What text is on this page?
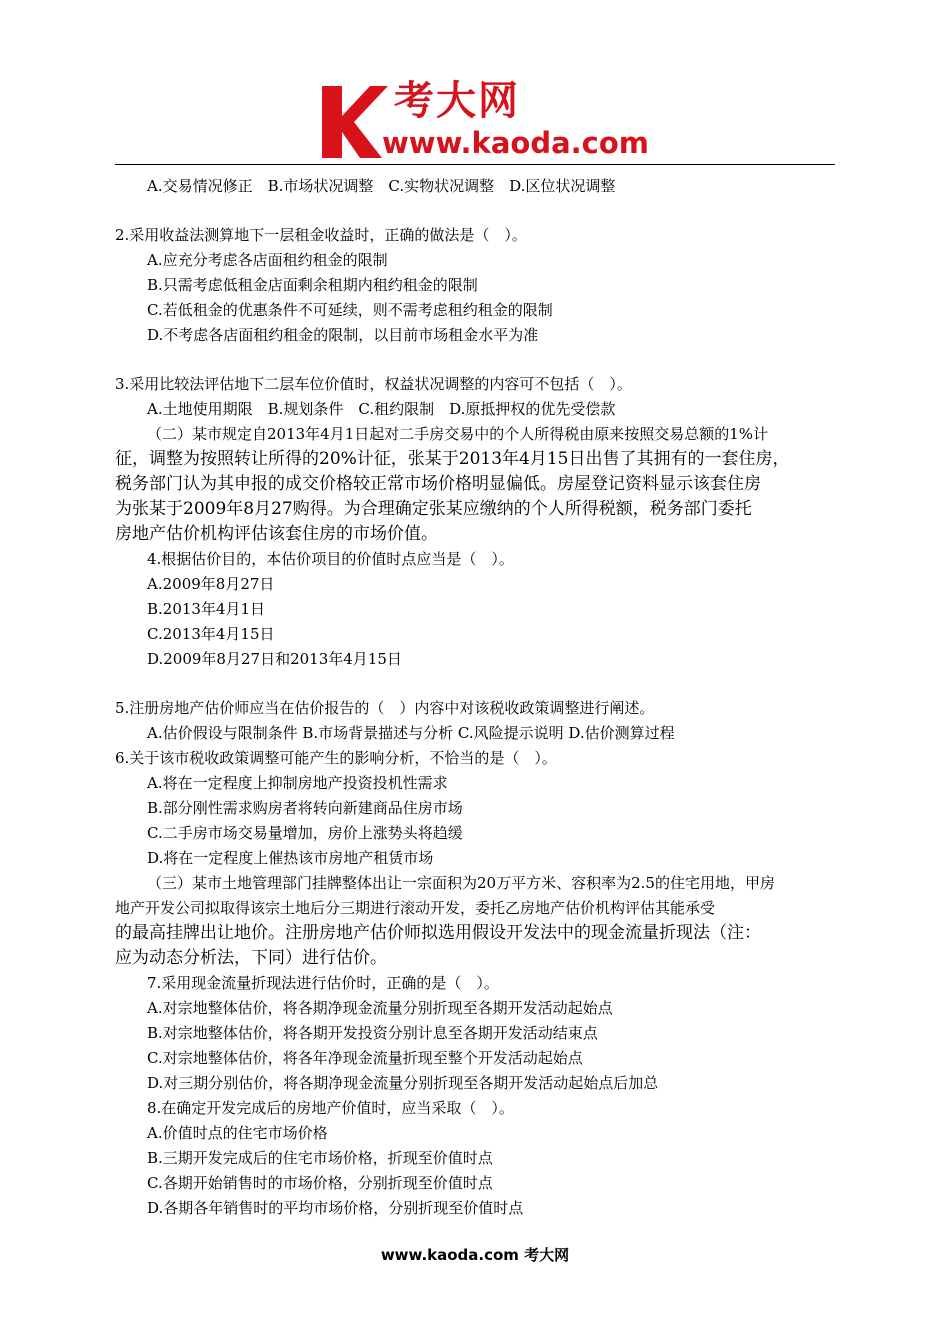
考大网
www.kaoda.com
A.交易情况修正　B.市场状况调整　C.实物状况调整　D.区位状况调整
2.采用收益法测算地下一层租金收益时，正确的做法是（　）。
A.应充分考虑各店面租约租金的限制
B.只需考虑低租金店面剩余租期内租约租金的限制
C.若低租金的优惠条件不可延续，则不需考虑租约租金的限制
D.不考虑各店面租约租金的限制，以目前市场租金水平为准
3.采用比较法评估地下二层车位价值时，权益状况调整的内容可不包括（　）。
A.土地使用期限　B.规划条件　C.租约限制　D.原抵押权的优先受偿款
（二）某市规定自2013年4月1日起对二手房交易中的个人所得税由原来按照交易总额的1%计
征，调整为按照转让所得的20%计征，张某于2013年4月15日出售了其拥有的一套住房，
税务部门认为其申报的成交价格较正常市场价格明显偏低。房屋登记资料显示该套住房
为张某于2009年8月27购得。为合理确定张某应缴纳的个人所得税额，税务部门委托
房地产估价机构评估该套住房的市场价值。
4.根据估价目的，本估价项目的价值时点应当是（　）。
A.2009年8月27日
B.2013年4月1日
C.2013年4月15日
D.2009年8月27日和2013年4月15日
5.注册房地产估价师应当在估价报告的（　）内容中对该税收政策调整进行阐述。
A.估价假设与限制条件 B.市场背景描述与分析 C.风险提示说明 D.估价测算过程
6.关于该市税收政策调整可能产生的影响分析，不恰当的是（　）。
A.将在一定程度上抑制房地产投资投机性需求
B.部分刚性需求购房者将转向新建商品住房市场
C.二手房市场交易量增加，房价上涨势头将趋缓
D.将在一定程度上催热该市房地产租赁市场
（三）某市土地管理部门挂牌整体出让一宗面积为20万平方米、容积率为2.5的住宅用地，甲房
地产开发公司拟取得该宗土地后分三期进行滚动开发，委托乙房地产估价机构评估其能承受
的最高挂牌出让地价。注册房地产估价师拟选用假设开发法中的现金流量折现法（注：
应为动态分析法，下同）进行估价。
7.采用现金流量折现法进行估价时，正确的是（　）。
A.对宗地整体估价，将各期净现金流量分别折现至各期开发活动起始点
B.对宗地整体估价，将各期开发投资分别计息至各期开发活动结束点
C.对宗地整体估价，将各年净现金流量折现至整个开发活动起始点
D.对三期分别估价，将各期净现金流量分别折现至各期开发活动起始点后加总
8.在确定开发完成后的房地产价值时，应当采取（　）。
A.价值时点的住宅市场价格
B.三期开发完成后的住宅市场价格，折现至价值时点
C.各期开始销售时的市场价格，分别折现至价值时点
D.各期各年销售时的平均市场价格，分别折现至价值时点
www.kaoda.com 考大网
